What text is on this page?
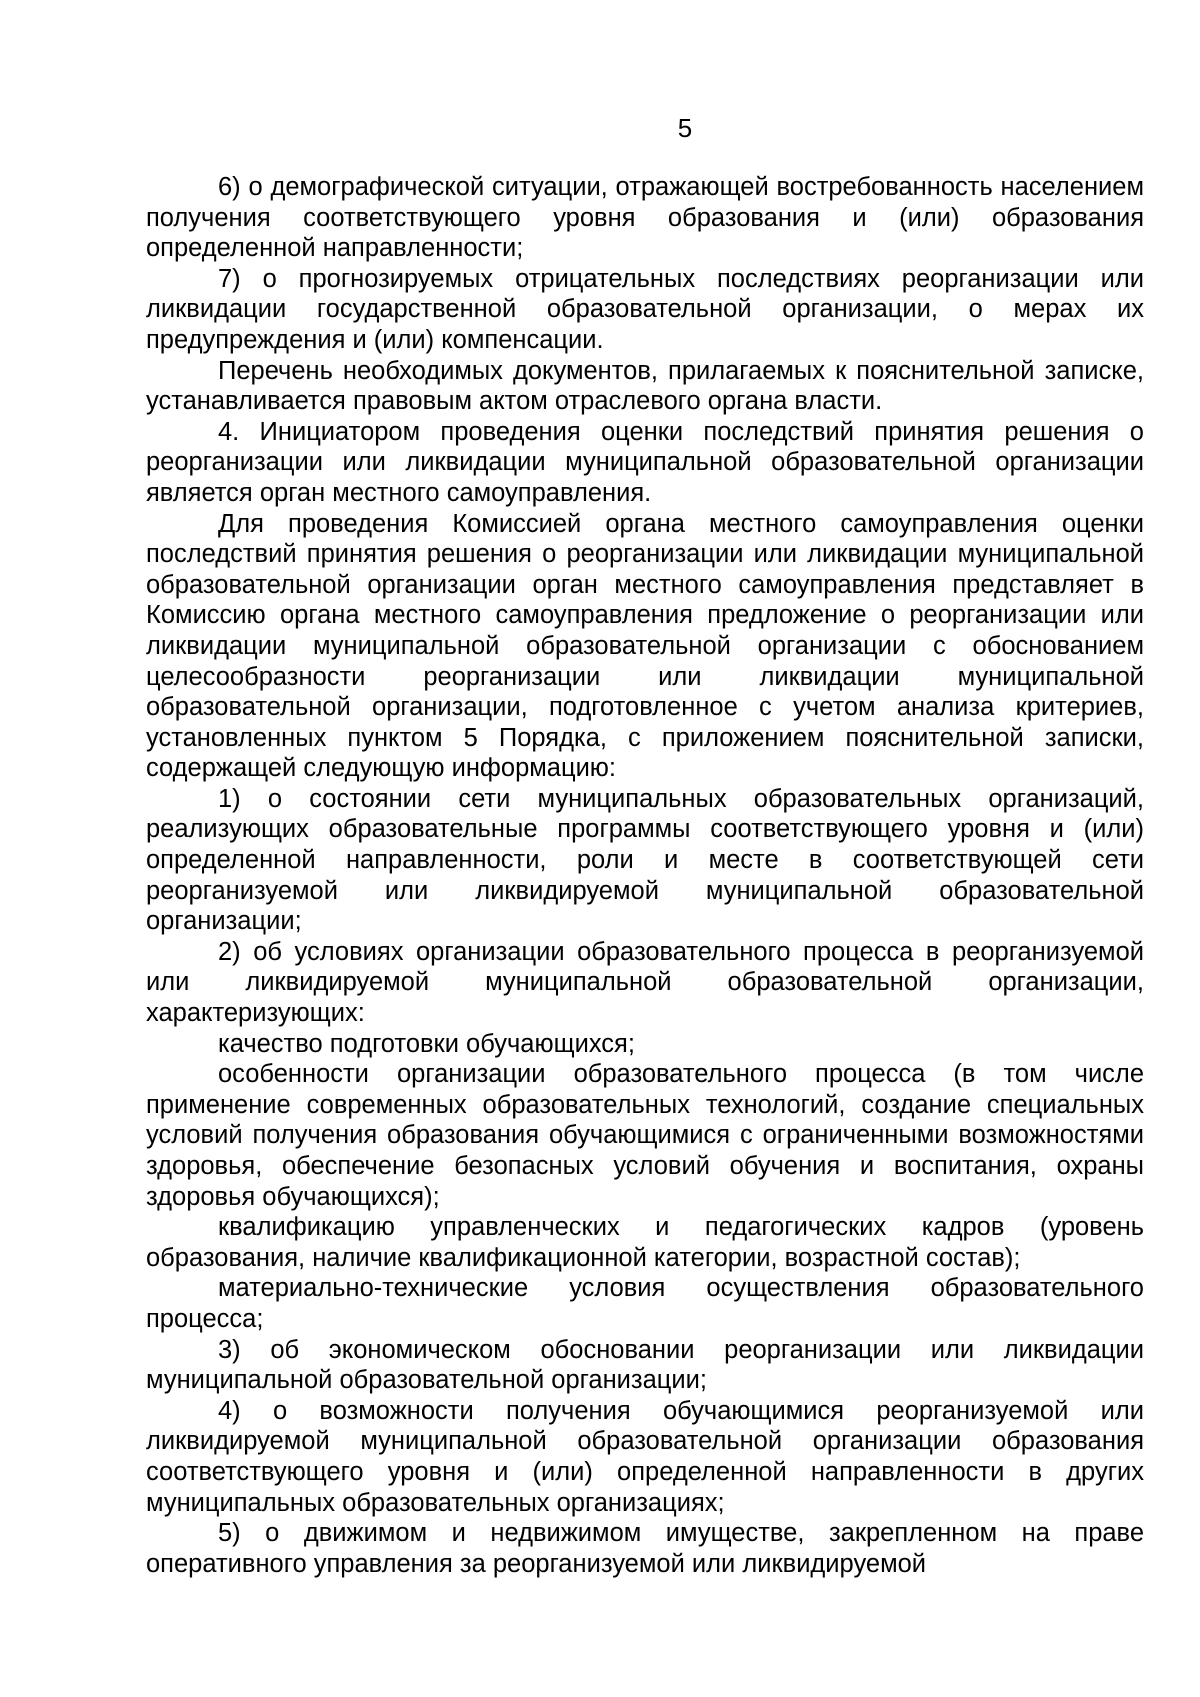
5

6) о демографической ситуации, отражающей востребованность населением получения соответствующего уровня образования и (или) образования определенной направленности;

7) о прогнозируемых отрицательных последствиях реорганизации или ликвидации государственной образовательной организации, о мерах их предупреждения и (или) компенсации.

Перечень необходимых документов, прилагаемых к пояснительной записке, устанавливается правовым актом отраслевого органа власти.

4. Инициатором проведения оценки последствий принятия решения о реорганизации или ликвидации муниципальной образовательной организации является орган местного самоуправления.

Для проведения Комиссией органа местного самоуправления оценки последствий принятия решения о реорганизации или ликвидации муниципальной образовательной организации орган местного самоуправления представляет в Комиссию органа местного самоуправления предложение о реорганизации или ликвидации муниципальной образовательной организации с обоснованием целесообразности реорганизации или ликвидации муниципальной образовательной организации, подготовленное с учетом анализа критериев, установленных пунктом 5 Порядка, с приложением пояснительной записки, содержащей следующую информацию:

1) о состоянии сети муниципальных образовательных организаций, реализующих образовательные программы соответствующего уровня и (или) определенной направленности, роли и месте в соответствующей сети реорганизуемой или ликвидируемой муниципальной образовательной организации;

2) об условиях организации образовательного процесса в реорганизуемой или ликвидируемой муниципальной образовательной организации, характеризующих:

качество подготовки обучающихся;

особенности организации образовательного процесса (в том числе применение современных образовательных технологий, создание специальных условий получения образования обучающимися с ограниченными возможностями здоровья, обеспечение безопасных условий обучения и воспитания, охраны здоровья обучающихся);

квалификацию управленческих и педагогических кадров (уровень образования, наличие квалификационной категории, возрастной состав);

материально-технические условия осуществления образовательного процесса;

3) об экономическом обосновании реорганизации или ликвидации муниципальной образовательной организации;

4) о возможности получения обучающимися реорганизуемой или ликвидируемой муниципальной образовательной организации образования соответствующего уровня и (или) определенной направленности в других муниципальных образовательных организациях;

5) о движимом и недвижимом имуществе, закрепленном на праве оперативного управления за реорганизуемой или ликвидируемой
